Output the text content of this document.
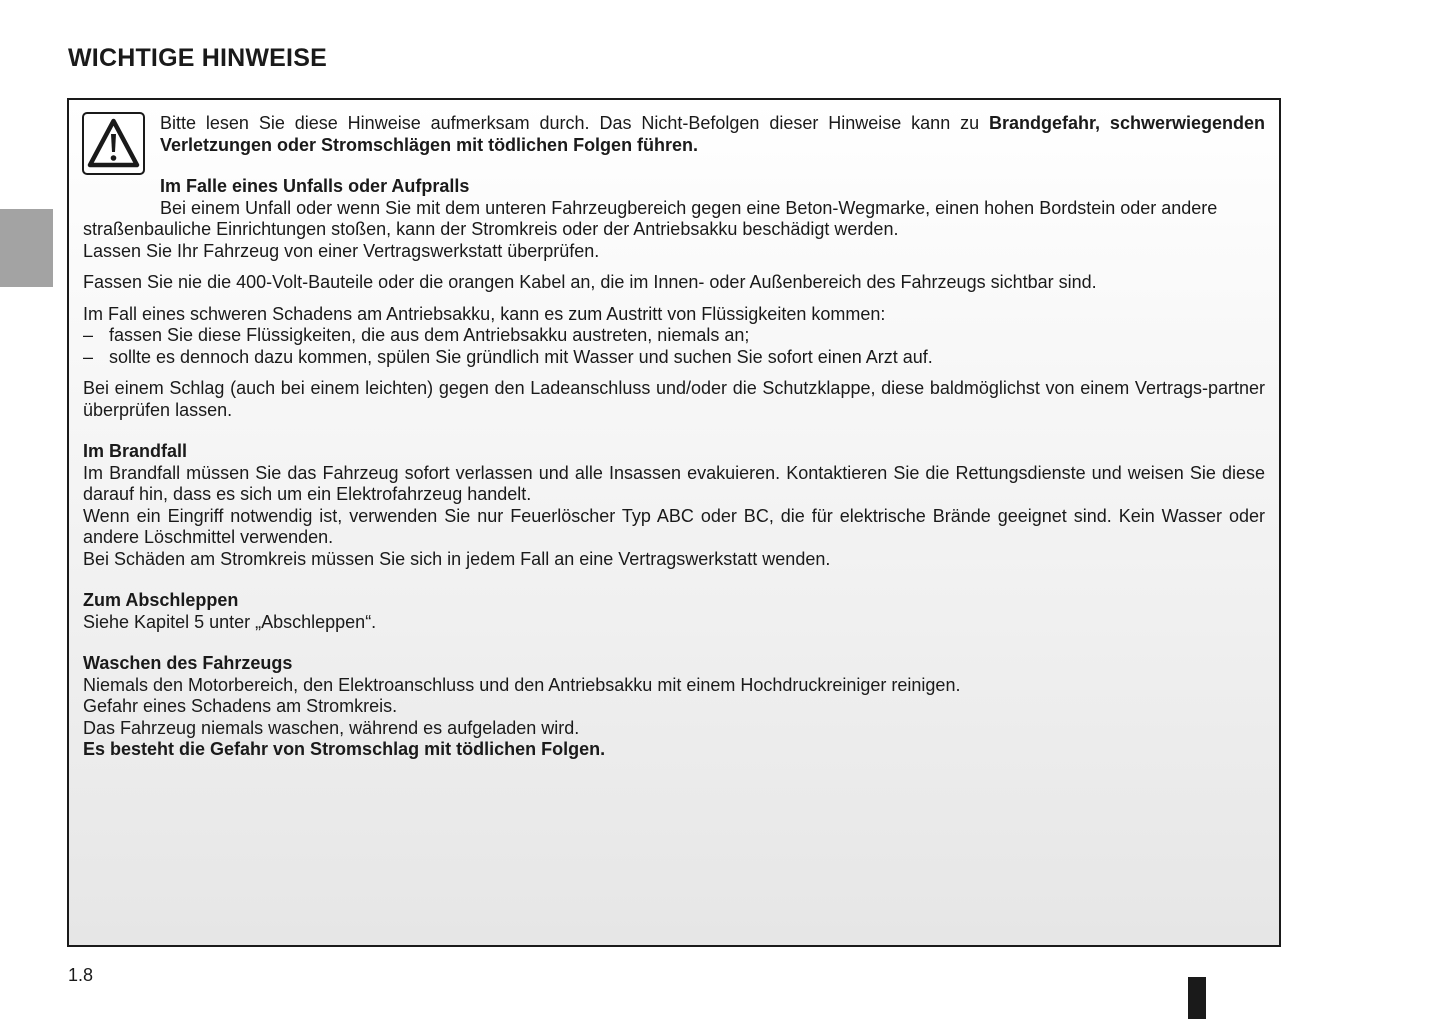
WICHTIGE HINWEISE

Bitte lesen Sie diese Hinweise aufmerksam durch. Das Nicht-Befolgen dieser Hinweise kann zu Brandgefahr, schwerwiegenden Verletzungen oder Stromschlägen mit tödlichen Folgen führen.

Im Falle eines Unfalls oder Aufpralls

Bei einem Unfall oder wenn Sie mit dem unteren Fahrzeugbereich gegen eine Beton-Wegmarke, einen hohen Bordstein oder andere

straßenbauliche Einrichtungen stoßen, kann der Stromkreis oder der Antriebsakku beschädigt werden.

Lassen Sie Ihr Fahrzeug von einer Vertragswerkstatt überprüfen.

Fassen Sie nie die 400-Volt-Bauteile oder die orangen Kabel an, die im Innen- oder Außenbereich des Fahrzeugs sichtbar sind.

Im Fall eines schweren Schadens am Antriebsakku, kann es zum Austritt von Flüssigkeiten kommen:

– fassen Sie diese Flüssigkeiten, die aus dem Antriebsakku austreten, niemals an;
– sollte es dennoch dazu kommen, spülen Sie gründlich mit Wasser und suchen Sie sofort einen Arzt auf.

Bei einem Schlag (auch bei einem leichten) gegen den Ladeanschluss und/oder die Schutzklappe, diese baldmöglichst von einem Vertrags-partner überprüfen lassen.

Im Brandfall

Im Brandfall müssen Sie das Fahrzeug sofort verlassen und alle Insassen evakuieren. Kontaktieren Sie die Rettungsdienste und weisen Sie diese darauf hin, dass es sich um ein Elektrofahrzeug handelt.

Wenn ein Eingriff notwendig ist, verwenden Sie nur Feuerlöscher Typ ABC oder BC, die für elektrische Brände geeignet sind. Kein Wasser oder andere Löschmittel verwenden.

Bei Schäden am Stromkreis müssen Sie sich in jedem Fall an eine Vertragswerkstatt wenden.

Zum Abschleppen

Siehe Kapitel 5 unter „Abschleppen“.

Waschen des Fahrzeugs

Niemals den Motorbereich, den Elektroanschluss und den Antriebsakku mit einem Hochdruckreiniger reinigen.

Gefahr eines Schadens am Stromkreis.

Das Fahrzeug niemals waschen, während es aufgeladen wird.

Es besteht die Gefahr von Stromschlag mit tödlichen Folgen.

1.8
